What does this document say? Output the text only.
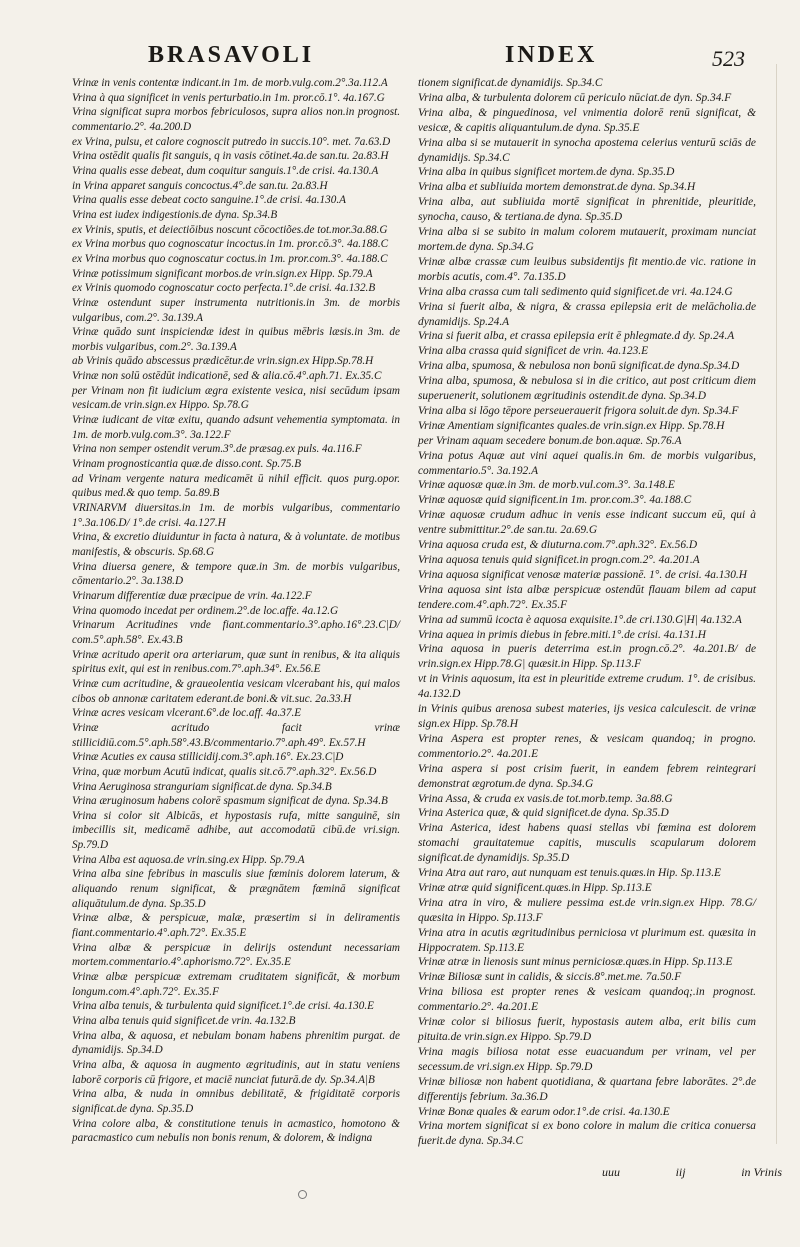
BRASAVOLI	INDEX	523

Vrinæ in venis contentæ indicant.in 1m. de morb.vulg.com.2°.3a.112.A

Vrina à qua significet in venis perturbatio.in 1m. pror.cō.1°. 4a.167.G

Vrina significat supra morbos febriculosos, supra alios non.in prognost. commentario.2°. 4a.200.D

ex Vrina, pulsu, et calore cognoscit putredo in succis.10°. met. 7a.63.D

Vrina ostēdit qualis fit sanguis, q in vasis cōtinet.4a.de san.tu. 2a.83.H

Vrina qualis esse debeat, dum coquitur sanguis.1°.de crisi. 4a.130.A

in Vrina apparet sanguis concoctus.4°.de san.tu. 2a.83.H

Vrina qualis esse debeat cocto sanguine.1°.de crisi. 4a.130.A

Vrina est iudex indigestionis.de dyna. Sp.34.B

ex Vrinis, sputis, et deiectiōibus noscunt cōcoctiões.de tot.mor.3a.88.G

ex Vrina morbus quo cognoscatur incoctus.in 1m. pror.cō.3°. 4a.188.C

ex Vrina morbus quo cognoscatur coctus.in 1m. pror.com.3°. 4a.188.C

Vrinæ potissimum significant morbos.de vrin.sign.ex Hipp. Sp.79.A

ex Vrinis quomodo cognoscatur cocto perfecta.1°.de crisi. 4a.132.B

Vrinæ ostendunt super instrumenta nutritionis.in 3m. de morbis vulgaribus, com.2°. 3a.139.A

Vrinæ quādo sunt inspiciendæ idest in quibus mēbris læsis.in 3m. de morbis vulgaribus, com.2°. 3a.139.A

ab Vrinis quādo abscessus prædicētur.de vrin.sign.ex Hipp.Sp.78.H

Vrinæ non solū ostēdūt indicationē, sed & alia.cō.4°.aph.71. Ex.35.C

per Vrinam non fit iudicium ægra existente vesica, nisi secūdum ipsam vesicam.de vrin.sign.ex Hippo. Sp.78.G

Vrinæ iudicant de vitæ exitu, quando adsunt vehementia symptomata. in 1m. de morb.vulg.com.3°. 3a.122.F

Vrina non semper ostendit verum.3°.de præsag.ex puls. 4a.116.F

Vrinam prognosticantia quæ.de disso.cont. Sp.75.B

ad Vrinam vergente natura medicamēt ū nihil efficit. quos purg.opor. quibus med.& quo temp. 5a.89.B

VRINARVM diuersitas.in 1m. de morbis vulgaribus, commentario 1°.3a.106.D/ 1°.de crisi. 4a.127.H

Vrina, & excretio diuiduntur in facta à natura, & à voluntate. de motibus manifestis, & obscuris. Sp.68.G

Vrina diuersa genere, & tempore quæ.in 3m. de morbis vulgaribus, cōmentario.2°. 3a.138.D

Vrinarum differentiæ duæ præcipue de vrin. 4a.122.F

Vrina quomodo incedat per ordinem.2°.de loc.affe. 4a.12.G

Vrinarum Acritudines vnde fiant.commentario.3°.apho.16°.23.C|D/ com.5°.aph.58°. Ex.43.B

Vrinæ acritudo aperit ora arteriarum, quæ sunt in renibus, & ita aliquis spiritus exit, qui est in renibus.com.7°.aph.34°. Ex.56.E

Vrinæ cum acritudine, & graueolentia vesicam vlcerabant his, qui malos cibos ob annonæ caritatem ederant.de boni.& vit.suc. 2a.33.H

Vrinæ acres vesicam vlcerant.6°.de loc.aff. 4a.37.E

Vrinæ acritudo facit vrinæ stillicidiū.com.5°.aph.58°.43.B/commentario.7°.aph.49°. Ex.57.H

Vrinæ Acuties ex causa stillicidij.com.3°.aph.16°. Ex.23.C|D

Vrina, quæ morbum Acutū indicat, qualis sit.cō.7°.aph.32°. Ex.56.D

Vrina Aeruginosa stranguriam significat.de dyna. Sp.34.B

Vrina æruginosum habens colorē spasmum significat de dyna. Sp.34.B

Vrina si color sit Albicās, et hypostasis rufa, mitte sanguinē, sin imbecillis sit, medicamē adhibe, aut accomodatū cibū.de vri.sign. Sp.79.D

Vrina Alba est aquosa.de vrin.sing.ex Hipp. Sp.79.A

Vrina alba sine febribus in masculis siue fœminis dolorem laterum, & aliquando renum significat, & prægnātem fœminā significat aliquātulum.de dyna. Sp.35.D

Vrinæ albæ, & perspicuæ, malæ, præsertim si in deliramentis fiant.commentario.4°.aph.72°. Ex.35.E

Vrina albæ & perspicuæ in delirijs ostendunt necessariam mortem.commentario.4°.aphorismo.72°. Ex.35.E

Vrinæ albæ perspicuæ extremam cruditatem significāt, & morbum longum.com.4°.aph.72°. Ex.35.F

Vrina alba tenuis, & turbulenta quid significet.1°.de crisi. 4a.130.E

Vrina alba tenuis quid significet.de vrin. 4a.132.B

Vrina alba, & aquosa, et nebulam bonam habens phrenitim purgat. de dynamidijs. Sp.34.D

Vrina alba, & aquosa in augmento ægritudinis, aut in statu veniens laborē corporis cū frigore, et maciē nunciat futurā.de dy. Sp.34.A|B

Vrina alba, & nuda in omnibus debilitatē, & frigiditatē corporis significat.de dyna. Sp.35.D

Vrina colore alba, & constitutione tenuis in acmastico, homotono & paracmastico cum nebulis non bonis renum, & dolorem, & indigna

tionem significat.de dynamidijs. Sp.34.C

Vrina alba, & turbulenta dolorem cū periculo nūciat.de dyn. Sp.34.F

Vrina alba, & pinguedinosa, vel vnimentia dolorē renū significat, & vesicæ, & capitis aliquantulum.de dyna. Sp.35.E

Vrina alba si se mutauerit in synocha apostema celerius venturū sciās de dynamidijs. Sp.34.C

Vrina alba in quibus significet mortem.de dyna. Sp.35.D

Vrina alba et subliuida mortem demonstrat.de dyna. Sp.34.H

Vrina alba, aut subliuida mortē significat in phrenitide, pleuritide, synocha, causo, & tertiana.de dyna. Sp.35.D

Vrina alba si se subito in malum colorem mutauerit, proximam nunciat mortem.de dyna. Sp.34.G

Vrinæ albæ crassæ cum leuibus subsidentijs fit mentio.de vic. ratione in morbis acutis, com.4°. 7a.135.D

Vrina alba crassa cum tali sedimento quid significet.de vri. 4a.124.G

Vrina si fuerit alba, & nigra, & crassa epilepsia erit de melācholia.de dynamidijs. Sp.24.A

Vrina si fuerit alba, et crassa epilepsia erit ē phlegmate.d dy. Sp.24.A

Vrina alba crassa quid significet de vrin. 4a.123.E

Vrina alba, spumosa, & nebulosa non bonū significat.de dyna.Sp.34.D

Vrina alba, spumosa, & nebulosa si in die critico, aut post criticum diem superuenerit, solutionem ægritudinis ostendit.de dyna. Sp.34.D

Vrina alba si lōgo tēpore perseuerauerit frigora soluit.de dyn. Sp.34.F

Vrinæ Amentiam significantes quales.de vrin.sign.ex Hipp. Sp.78.H

per Vrinam aquam secedere bonum.de bon.aquæ. Sp.76.A

Vrina potus Aquæ aut vini aquei qualis.in 6m. de morbis vulgaribus, commentario.5°. 3a.192.A

Vrinæ aquosæ quæ.in 3m. de morb.vul.com.3°. 3a.148.E

Vrinæ aquosæ quid significent.in 1m. pror.com.3°. 4a.188.C

Vrinæ aquosæ crudum adhuc in venis esse indicant succum eū, qui à ventre submittitur.2°.de san.tu. 2a.69.G

Vrina aquosa cruda est, & diuturna.com.7°.aph.32°. Ex.56.D

Vrina aquosa tenuis quid significet.in progn.com.2°. 4a.201.A

Vrina aquosa significat venosæ materiæ passionē. 1°. de crisi. 4a.130.H

Vrina aquosa sint ista albæ perspicuæ ostendūt flauam bilem ad caput tendere.com.4°.aph.72°. Ex.35.F

Vrina ad summū icocta è aquosa exquisite.1°.de cri.130.G|H| 4a.132.A

Vrina aquea in primis diebus in febre.miti.1°.de crisi. 4a.131.H

Vrina aquosa in pueris deterrima est.in progn.cō.2°. 4a.201.B/ de vrin.sign.ex Hipp.78.G| quæsit.in Hipp. Sp.113.F

vt in Vrinis aquosum, ita est in pleuritide extreme crudum. 1°. de crisibus. 4a.132.D

in Vrinis quibus arenosa subest materies, ijs vesica calculescit. de vrinæ sign.ex Hipp. Sp.78.H

Vrina Aspera est propter renes, & vesicam quandoq; in progno. commentorio.2°. 4a.201.E

Vrina aspera si post crisim fuerit, in eandem febrem reintegrari demonstrat ægrotum.de dyna. Sp.34.G

Vrina Assa, & cruda ex vasis.de tot.morb.temp. 3a.88.G

Vrina Asterica quæ, & quid significet.de dyna. Sp.35.D

Vrina Asterica, idest habens quasi stellas vbi fœmina est dolorem stomachi grauitatemue capitis, musculis scapularum dolorem significat.de dynamidijs. Sp.35.D

Vrina Atra aut raro, aut nunquam est tenuis.quæs.in Hip. Sp.113.E

Vrinæ atræ quid significent.quæs.in Hipp. Sp.113.E

Vrina atra in viro, & muliere pessima est.de vrin.sign.ex Hipp. 78.G/ quæsita in Hippo. Sp.113.F

Vrina atra in acutis ægritudinibus perniciosa vt plurimum est. quæsita in Hippocratem. Sp.113.E

Vrinæ atræ in lienosis sunt minus perniciosæ.quæs.in Hipp. Sp.113.E

Vrinæ Biliosæ sunt in calidis, & siccis.8°.met.me. 7a.50.F

Vrina biliosa est propter renes & vesicam quandoq;.in prognost. commentario.2°. 4a.201.E

Vrinæ color si biliosus fuerit, hypostasis autem alba, erit bilis cum pituita.de vrin.sign.ex Hippo. Sp.79.D

Vrina magis biliosa notat esse euacuandum per vrinam, vel per secessum.de vri.sign.ex Hipp. Sp.79.D

Vrinæ biliosæ non habent quotidiana, & quartana febre laborātes. 2°.de differentijs febrium. 3a.36.D

Vrinæ Bonæ quales & earum odor.1°.de crisi. 4a.130.E

Vrina mortem significat si ex bono colore in malum die critica conuersa fuerit.de dyna. Sp.34.C

uuu	iij	in Vrinis
